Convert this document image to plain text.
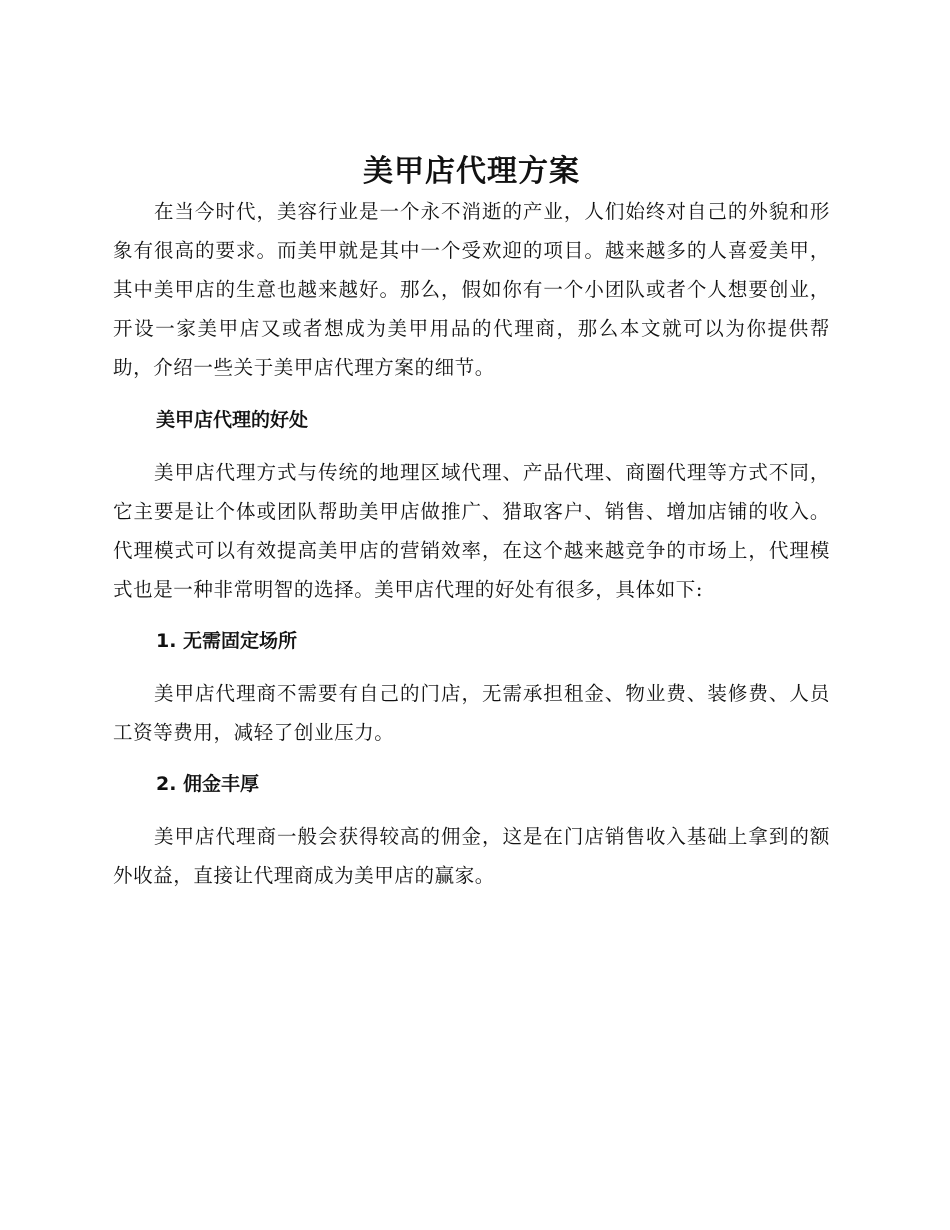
美甲店代理方案

在当今时代，美容行业是一个永不消逝的产业，人们始终对自己的外貌和形象有很高的要求。而美甲就是其中一个受欢迎的项目。越来越多的人喜爱美甲，其中美甲店的生意也越来越好。那么，假如你有一个小团队或者个人想要创业，开设一家美甲店又或者想成为美甲用品的代理商，那么本文就可以为你提供帮助，介绍一些关于美甲店代理方案的细节。

美甲店代理的好处

美甲店代理方式与传统的地理区域代理、产品代理、商圈代理等方式不同，它主要是让个体或团队帮助美甲店做推广、猎取客户、销售、增加店铺的收入。代理模式可以有效提高美甲店的营销效率，在这个越来越竞争的市场上，代理模式也是一种非常明智的选择。美甲店代理的好处有很多，具体如下:

1. 无需固定场所

美甲店代理商不需要有自己的门店，无需承担租金、物业费、装修费、人员工资等费用，减轻了创业压力。

2. 佣金丰厚

美甲店代理商一般会获得较高的佣金，这是在门店销售收入基础上拿到的额外收益，直接让代理商成为美甲店的赢家。
